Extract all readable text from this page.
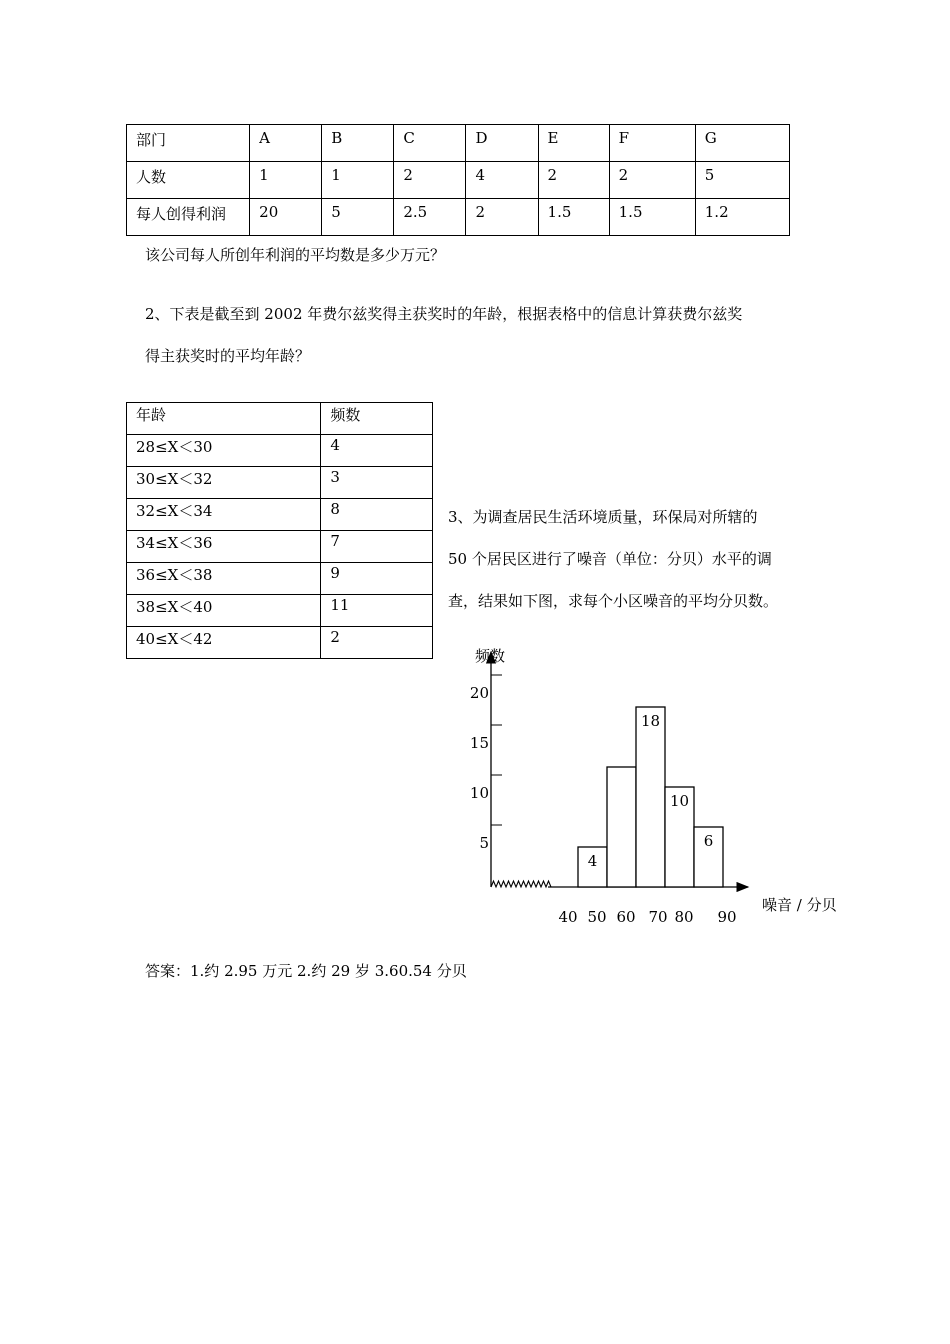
部门	A	B	C	D	E	F	G
人数	1	1	2	4	2	2	5
每人创得利润	20	5	2.5	2	1.5	1.5	1.2
该公司每人所创年利润的平均数是多少万元？
2、下表是截至到 2002 年费尔兹奖得主获奖时的年龄，根据表格中的信息计算获费尔兹奖
得主获奖时的平均年龄？
年龄	频数
28≤X＜30	4
30≤X＜32	3
32≤X＜34	8
34≤X＜36	7
36≤X＜38	9
38≤X＜40	11
40≤X＜42	2
3、为调查居民生活环境质量，环保局对所辖的
50 个居民区进行了噪音（单位：分贝）水平的调
查，结果如下图，求每个小区噪音的平均分贝数。
5
10
15
20
频数
噪音 / 分贝
4
18
10
6
40 50 60 70 80 90
答案：1.约 2.95 万元 2.约 29 岁 3.60.54 分贝
